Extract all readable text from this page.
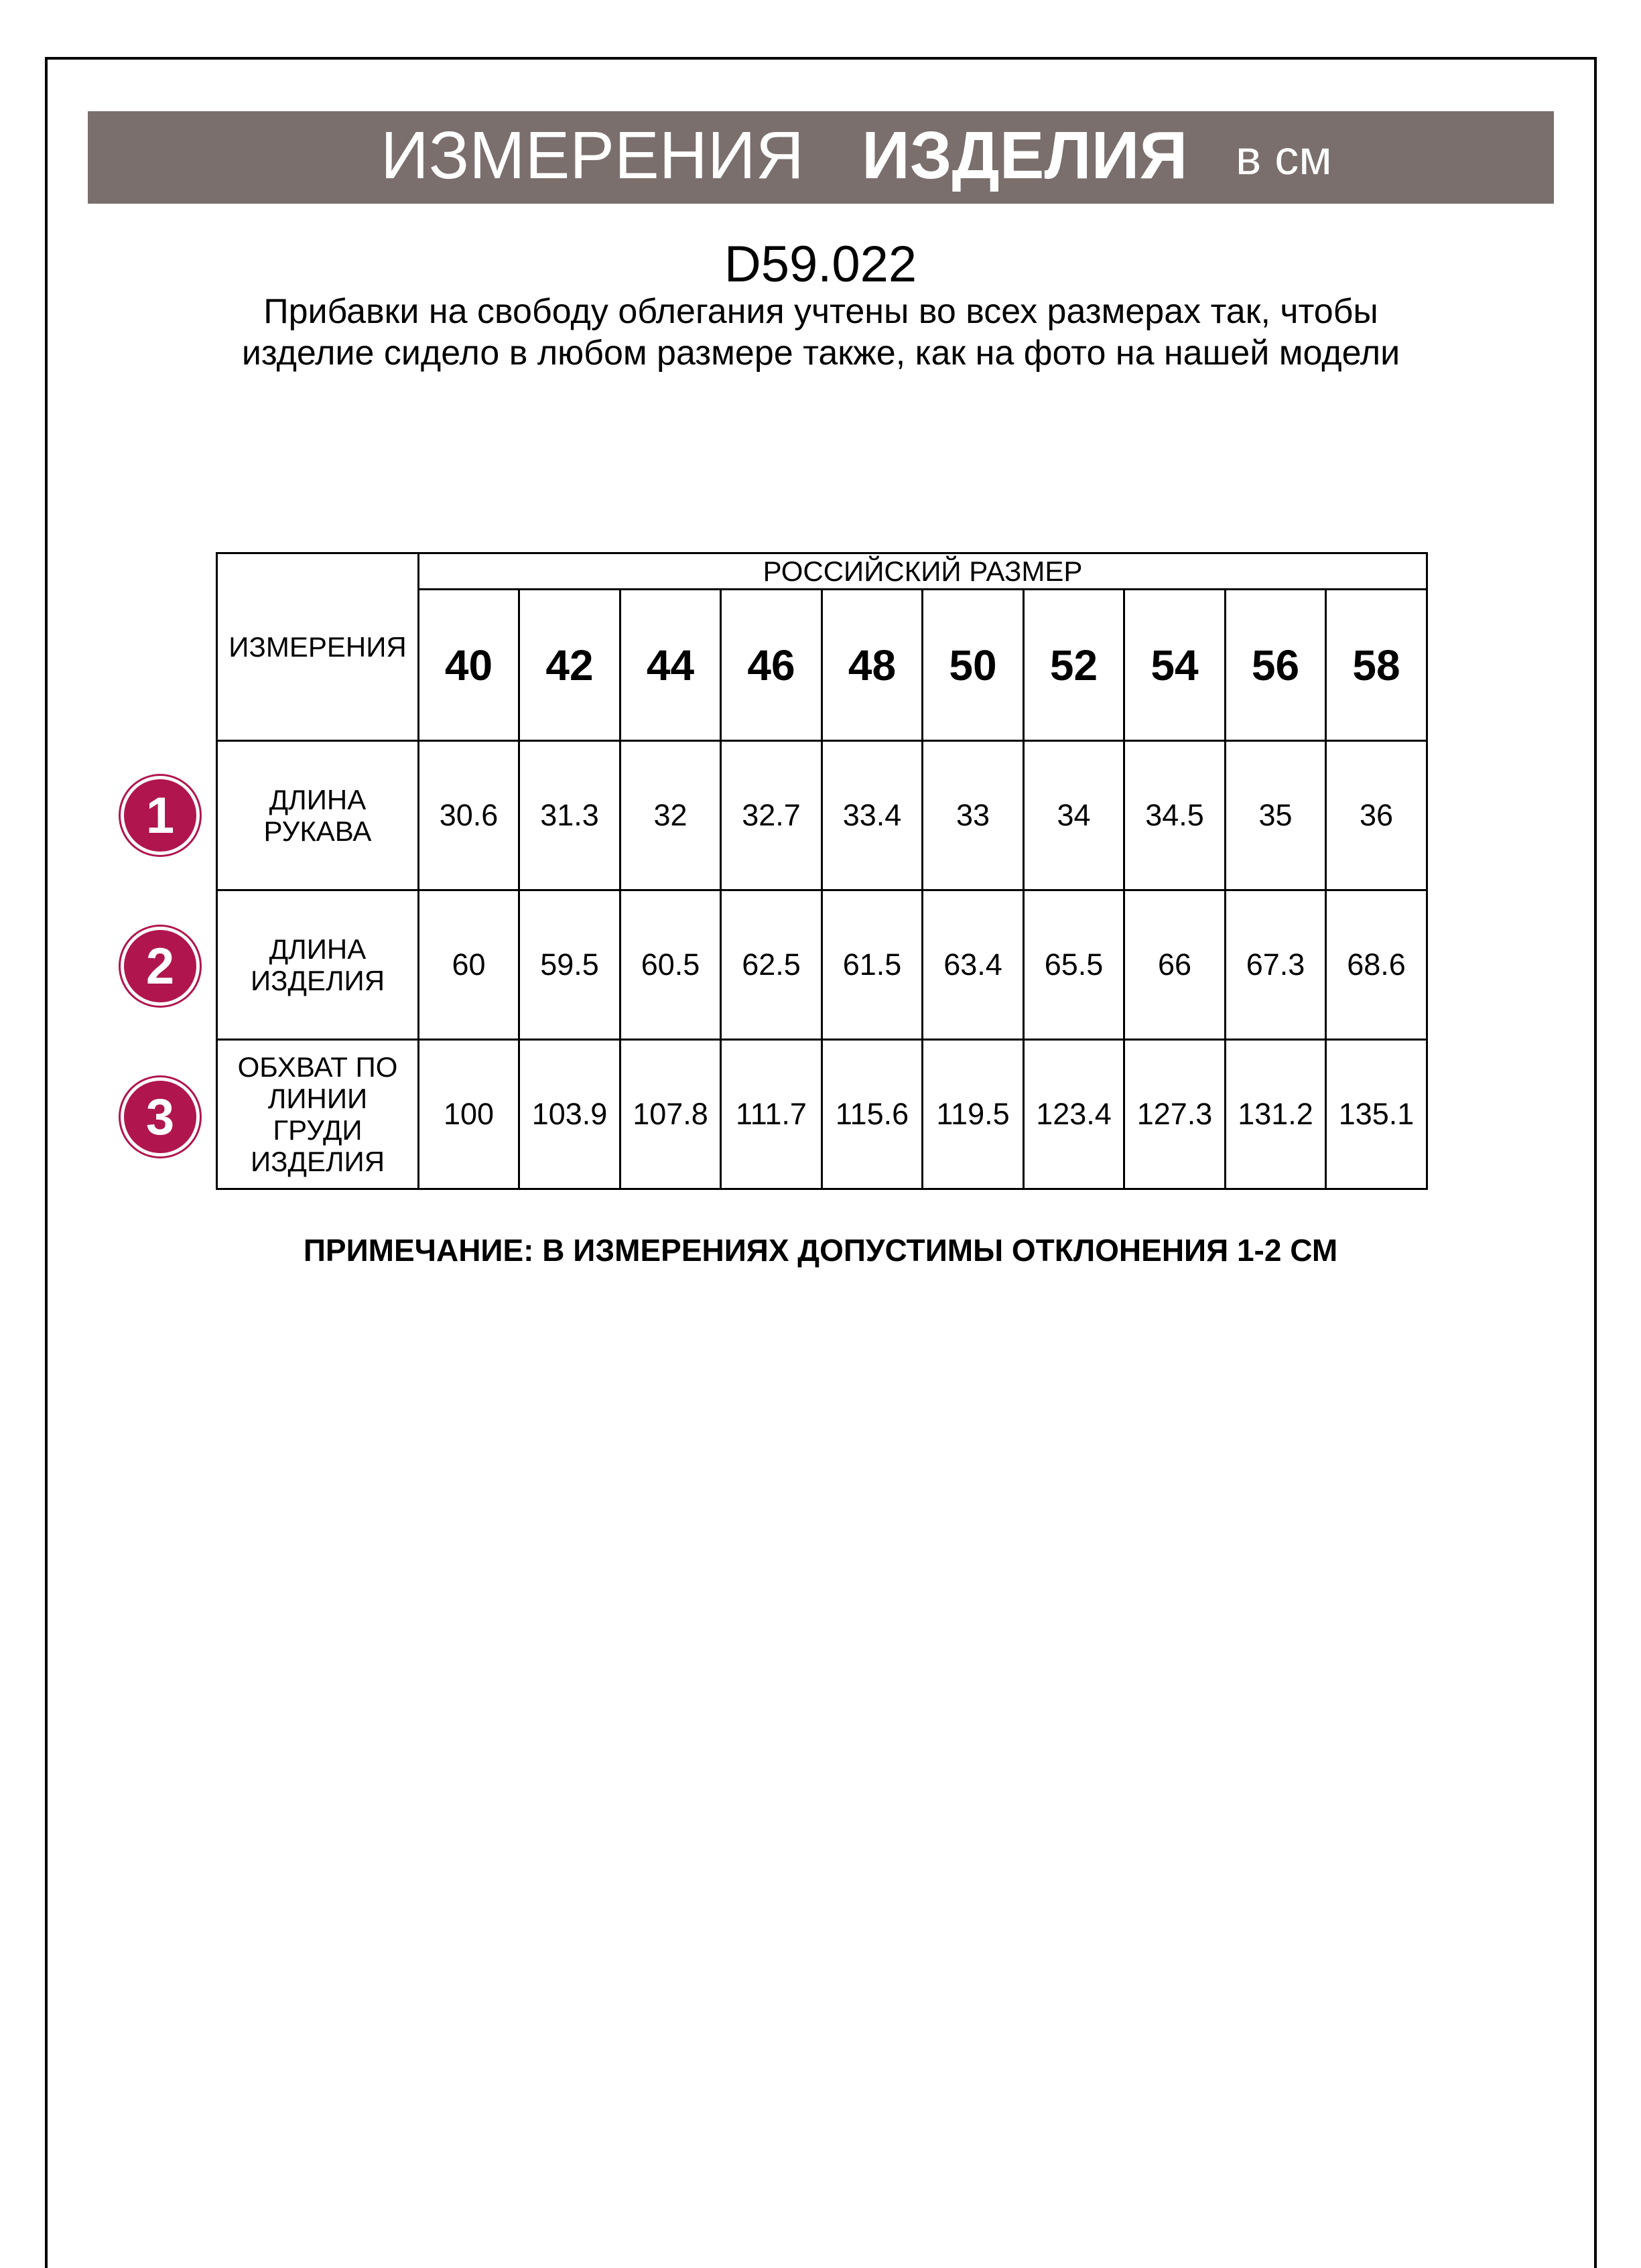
ИЗМЕРЕНИЯ ИЗДЕЛИЯ в см
D59.022
Прибавки на свободу облегания учтены во всех размерах так, чтобы изделие сидело в любом размере также, как на фото на нашей модели
ИЗМЕРЕНИЯ	РОССИЙСКИЙ РАЗМЕР									
	40	42	44	46	48	50	52	54	56	58
ДЛИНА РУКАВА	30.6	31.3	32	32.7	33.4	33	34	34.5	35	36
ДЛИНА ИЗДЕЛИЯ	60	59.5	60.5	62.5	61.5	63.4	65.5	66	67.3	68.6
ОБХВАТ ПО ЛИНИИ ГРУДИ ИЗДЕЛИЯ	100	103.9	107.8	111.7	115.6	119.5	123.4	127.3	131.2	135.1
1
2
3
ПРИМЕЧАНИЕ: В ИЗМЕРЕНИЯХ ДОПУСТИМЫ ОТКЛОНЕНИЯ 1-2 СМ
